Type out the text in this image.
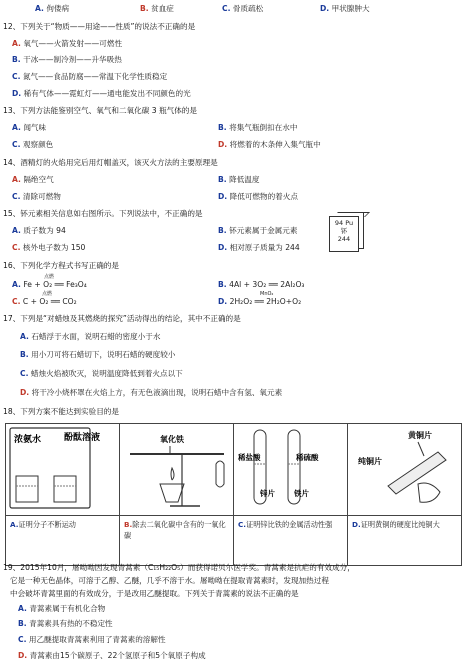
A. 佝偻病	B. 贫血症	C. 骨质疏松	D. 甲状腺肿大
12、下列关于“物质——用途——性质”的说法不正确的是
A. 氧气——火箭发射——可燃性
B. 干冰——制冷剂——升华吸热
C. 氮气——食品防腐——常温下化学性质稳定
D. 稀有气体——霓虹灯——通电能发出不同颜色的光
13、下列方法能鉴别空气、氧气和二氧化碳 3 瓶气体的是
A. 闻气味	B. 将集气瓶倒扣在水中
C. 观察颜色	D. 将燃着的木条伸入集气瓶中
14、酒精灯的火焰用完后用灯帽盖灭，该灭火方法的主要原理是
A. 隔绝空气	B. 降低温度
C. 清除可燃物	D. 降低可燃物的着火点
15、钚元素相关信息如右图所示。下列说法中，不正确的是
A. 质子数为 94	B. 钚元素属于金属元素
C. 核外电子数为 150	D. 相对原子质量为 244
94 Pu
钚
244
16、下列化学方程式书写正确的是
A. Fe + O₂ ══ Fe₃O₄	B. 4Al + 3O₂ ══ 2Al₂O₃
C. C + O₂ ══ CO₂	D. 2H₂O₂ ══ 2H₂O+O₂
点燃
点燃	MnO₂
17、下列是“对蜡烛及其燃烧的探究”活动得出的结论，其中不正确的是
A. 石蜡浮于水面，说明石蜡的密度小于水
B. 用小刀可将石蜡切下，说明石蜡的硬度较小
C. 蜡烛火焰被吹灭，说明温度降低到着火点以下
D. 将干冷小烧杯罩在火焰上方，有无色液滴出现，说明石蜡中含有氢、氧元素
18、下列方案不能达到实验目的是
浓氨水 酚酞溶液	氧化铁	稀盐酸 稀硫酸
锌片 铁片	黄铜片
纯铜片

A.证明分子不断运动	B.除去二氧化碳中含有的一氧化碳	C.证明锌比铁的金属活动性强	D.证明黄铜的硬度比纯铜大
19、2015年10月，屠呦呦因发现青蒿素（C₁₅H₂₂O₅）而获得诺贝尔医学奖。青蒿素是抗疟的有效成分，
它是一种无色晶体，可溶于乙醇、乙醚，几乎不溶于水。屠呦呦在提取青蒿素时，发现加热过程
中会破坏青蒿里面的有效成分，于是改用乙醚提取。下列关于青蒿素的说法不正确的是
A. 青蒿素属于有机化合物
B. 青蒿素具有热的不稳定性
C. 用乙醚提取青蒿素利用了青蒿素的溶解性
D. 青蒿素由15个碳原子、22个氢原子和5个氧原子构成
